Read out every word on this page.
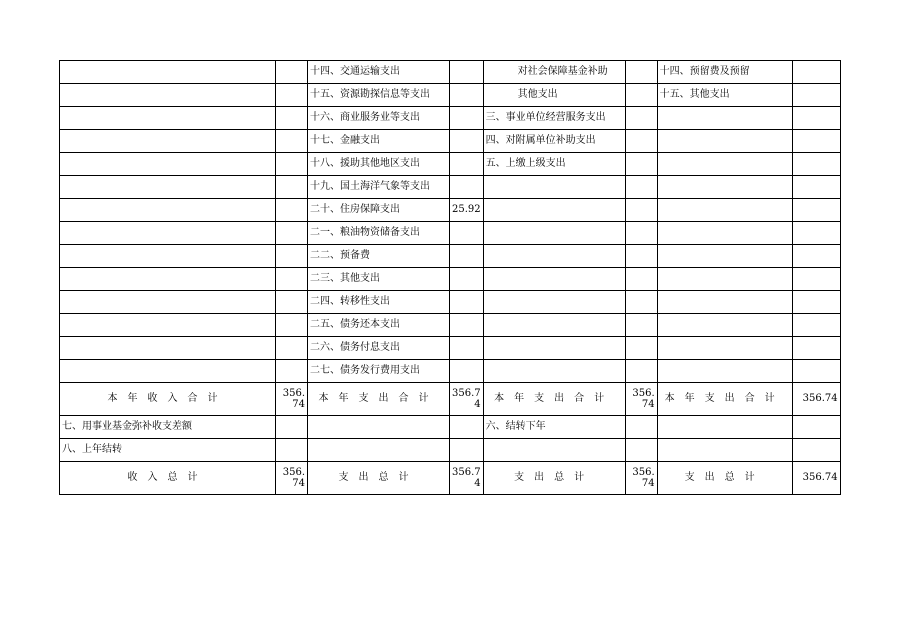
		十四、交通运输支出		对社会保障基金补助		十四、预留费及预留	
		十五、资源勘探信息等支出		其他支出		十五、其他支出	
		十六、商业服务业等支出		三、事业单位经营服务支出			
		十七、金融支出		四、对附属单位补助支出			
		十八、援助其他地区支出		五、上缴上级支出			
		十九、国土海洋气象等支出					
		二十、住房保障支出	25.92				
		二一、粮油物资储备支出					
		二二、预备费					
		二三、其他支出					
		二四、转移性支出					
		二五、债务还本支出					
		二六、债务付息支出					
		二七、债务发行费用支出					
本年收入合计	356.74	本年支出合计	356.74	本年支出合计	356.74	本年支出合计	356.74
七、用事业基金弥补收支差额				六、结转下年			
八、上年结转							
收入总计	356.74	支出总计	356.74	支出总计	356.74	支出总计	356.74
